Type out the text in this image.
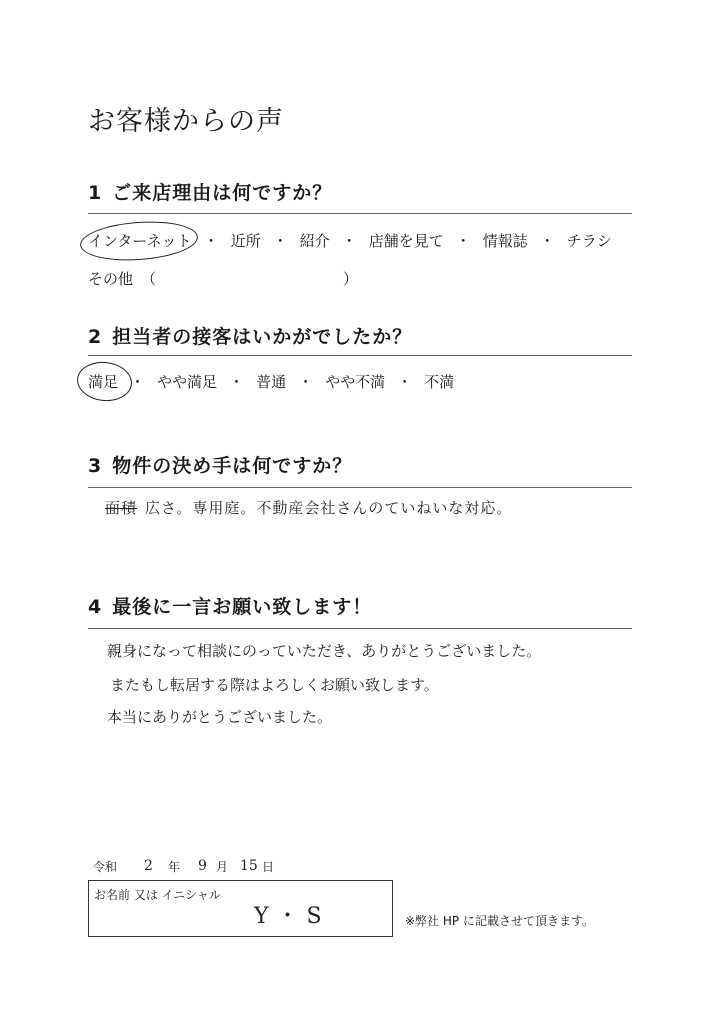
お客様からの声
1 ご来店理由は何ですか？
インターネット ・ 近所 ・ 紹介 ・ 店舗を見て ・ 情報誌 ・ チラシ
その他 （	）
2 担当者の接客はいかがでしたか？
満足 ・ やや満足 ・ 普通 ・ やや不満 ・ 不満
3 物件の決め手は何ですか？
面積 広さ。専用庭。不動産会社さんのていねいな対応。
4 最後に一言お願い致します！
親身になって相談にのっていただき、ありがとうございました。
またもし転居する際はよろしくお願い致します。
本当にありがとうございました。
令和 2 年 9 月 15 日
お名前 又は イニシャル
Y・S	※弊社 HP に記載させて頂きます。
